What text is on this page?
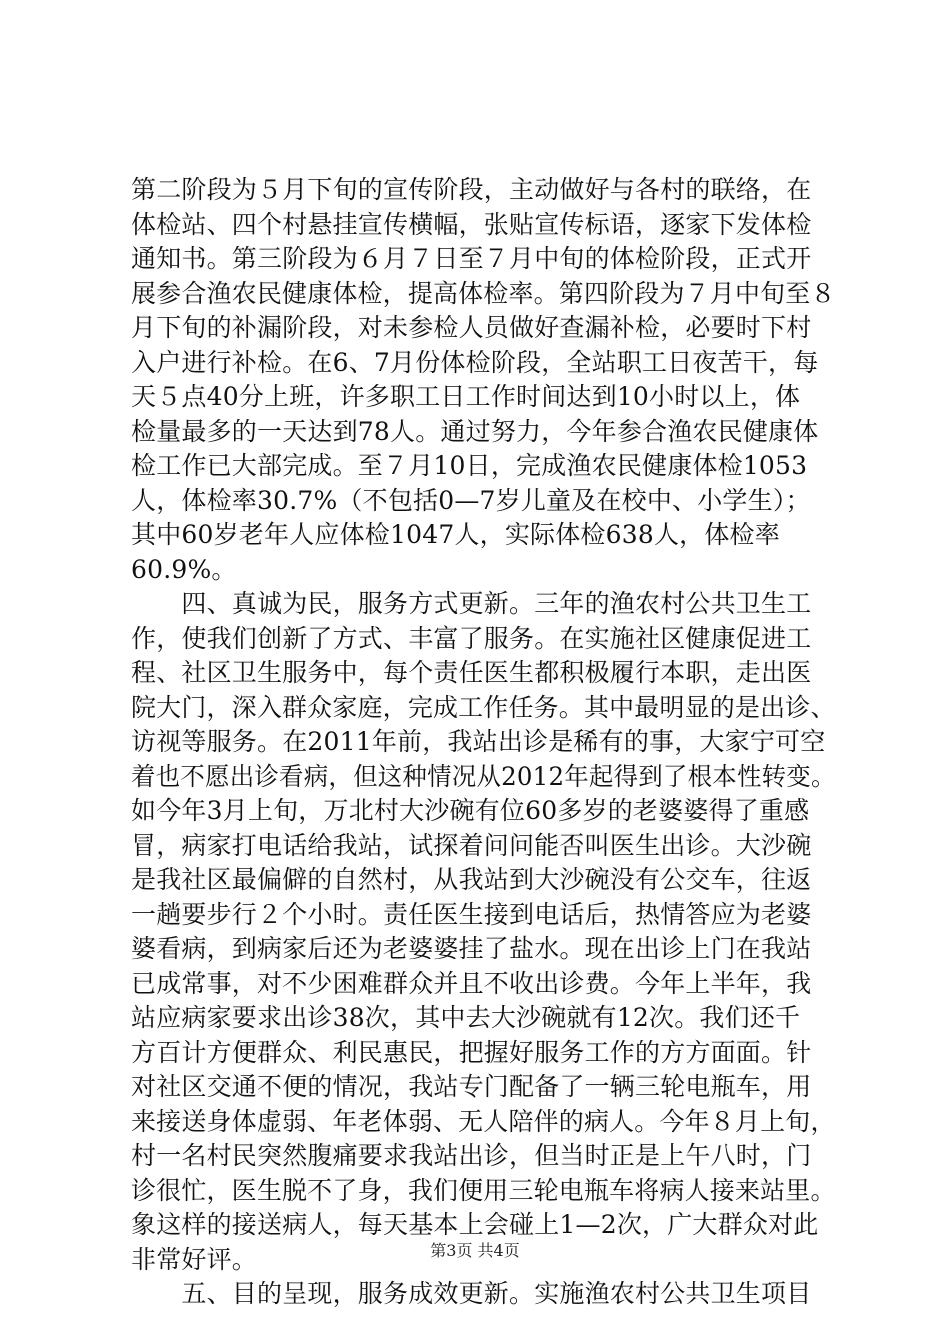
第二阶段为５月下旬的宣传阶段，主动做好与各村的联络，在
体检站、四个村悬挂宣传横幅，张贴宣传标语，逐家下发体检
通知书。第三阶段为６月７日至７月中旬的体检阶段，正式开
展参合渔农民健康体检，提高体检率。第四阶段为７月中旬至８
月下旬的补漏阶段，对未参检人员做好查漏补检，必要时下村
入户进行补检。在6、7月份体检阶段，全站职工日夜苦干，每
天５点40分上班，许多职工日工作时间达到10小时以上，体
检量最多的一天达到78人。通过努力，今年参合渔农民健康体
检工作已大部完成。至７月10日，完成渔农民健康体检1053
人，体检率30.7%（不包括0—7岁儿童及在校中、小学生）；
其中60岁老年人应体检1047人，实际体检638人，体检率
60.9%。
　　四、真诚为民，服务方式更新。三年的渔农村公共卫生工
作，使我们创新了方式、丰富了服务。在实施社区健康促进工
程、社区卫生服务中，每个责任医生都积极履行本职，走出医
院大门，深入群众家庭，完成工作任务。其中最明显的是出诊、
访视等服务。在2011年前，我站出诊是稀有的事，大家宁可空
着也不愿出诊看病，但这种情况从2012年起得到了根本性转变。
如今年3月上旬，万北村大沙碗有位60多岁的老婆婆得了重感
冒，病家打电话给我站，试探着问问能否叫医生出诊。大沙碗
是我社区最偏僻的自然村，从我站到大沙碗没有公交车，往返
一趟要步行２个小时。责任医生接到电话后，热情答应为老婆
婆看病，到病家后还为老婆婆挂了盐水。现在出诊上门在我站
已成常事，对不少困难群众并且不收出诊费。今年上半年，我
站应病家要求出诊38次，其中去大沙碗就有12次。我们还千
方百计方便群众、利民惠民，把握好服务工作的方方面面。针
对社区交通不便的情况，我站专门配备了一辆三轮电瓶车，用
来接送身体虚弱、年老体弱、无人陪伴的病人。今年８月上旬，
村一名村民突然腹痛要求我站出诊，但当时正是上午八时，门
诊很忙，医生脱不了身，我们便用三轮电瓶车将病人接来站里。
象这样的接送病人，每天基本上会碰上1—2次，广大群众对此
非常好评。
　　五、目的呈现，服务成效更新。实施渔农村公共卫生项目
第3页 共4页
